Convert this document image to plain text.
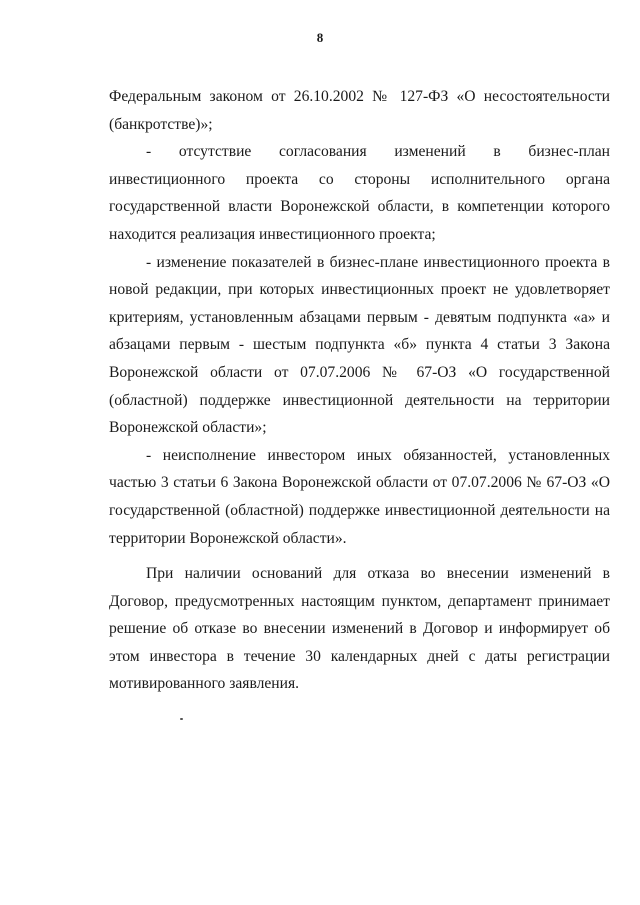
8

Федеральным законом от 26.10.2002 № 127-ФЗ «О несостоятельности (банкротстве)»;

- отсутствие согласования изменений в бизнес-план инвестиционного проекта со стороны исполнительного органа государственной власти Воронежской области, в компетенции которого находится реализация инвестиционного проекта;

- изменение показателей в бизнес-плане инвестиционного проекта в новой редакции, при которых инвестиционных проект не удовлетворяет критериям, установленным абзацами первым - девятым подпункта «а» и абзацами первым - шестым подпункта «б» пункта 4 статьи 3 Закона Воронежской области от 07.07.2006 № 67-ОЗ «О государственной (областной) поддержке инвестиционной деятельности на территории Воронежской области»;

- неисполнение инвестором иных обязанностей, установленных частью 3 статьи 6 Закона Воронежской области от 07.07.2006 № 67-ОЗ «О государственной (областной) поддержке инвестиционной деятельности на территории Воронежской области».

При наличии оснований для отказа во внесении изменений в Договор, предусмотренных настоящим пунктом, департамент принимает решение об отказе во внесении изменений в Договор и информирует об этом инвестора в течение 30 календарных дней с даты регистрации мотивированного заявления.
